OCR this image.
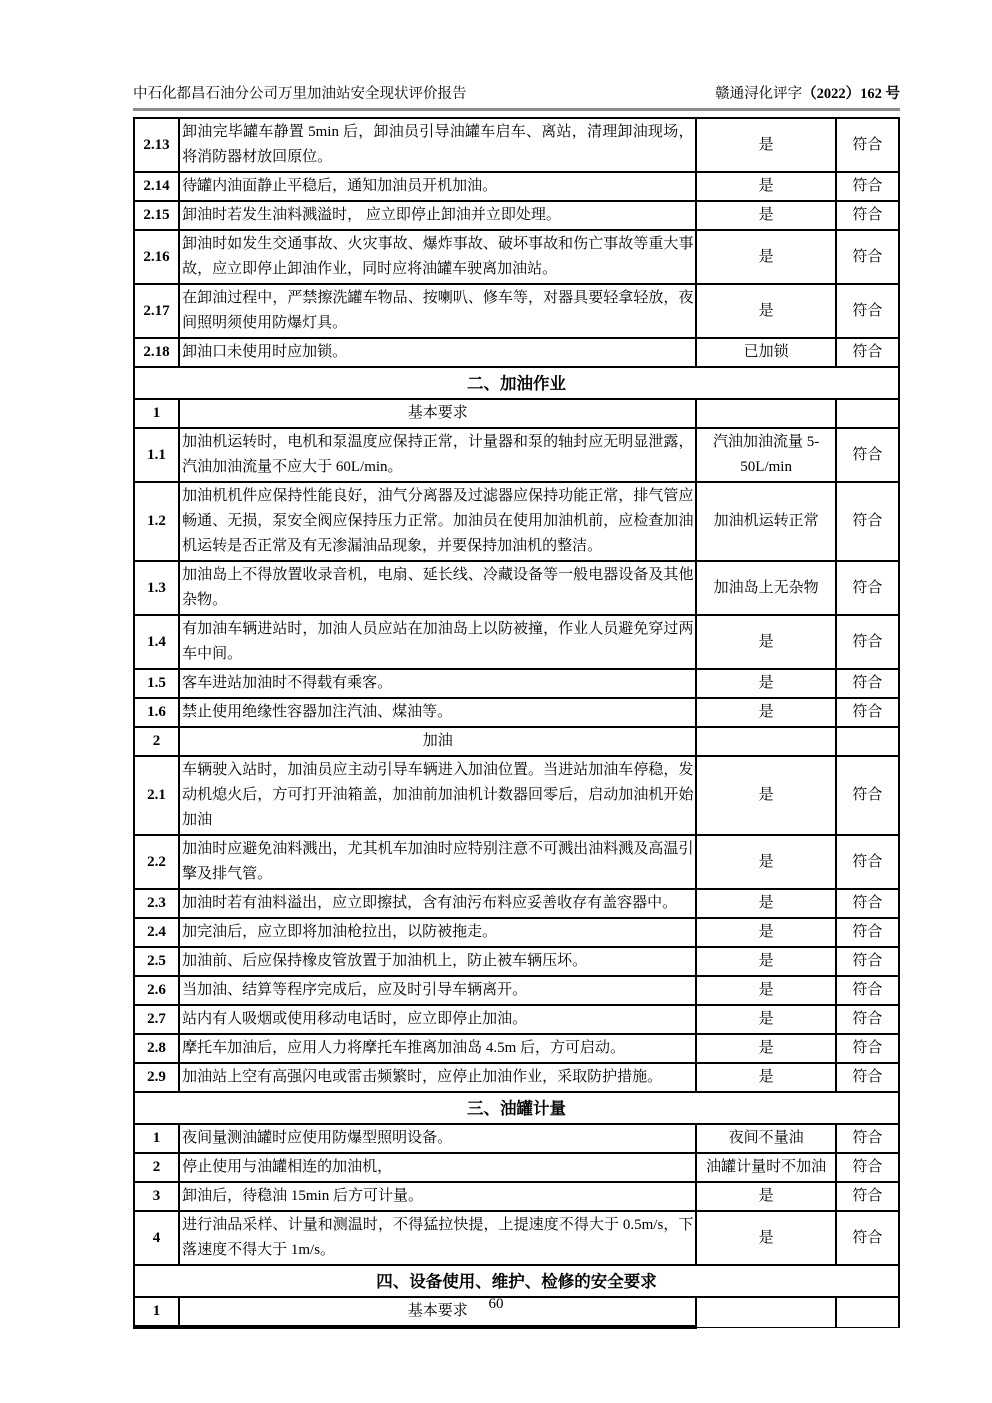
中石化都昌石油分公司万里加油站安全现状评价报告	赣通浔化评字（2022）162 号
2.13	卸油完毕罐车静置 5min 后，卸油员引导油罐车启车、离站，清理卸油现场，将消防器材放回原位。	是	符合
2.14	待罐内油面静止平稳后，通知加油员开机加油。	是	符合
2.15	卸油时若发生油料溅溢时， 应立即停止卸油并立即处理。	是	符合
2.16	卸油时如发生交通事故、火灾事故、爆炸事故、破坏事故和伤亡事故等重大事故，应立即停止卸油作业，同时应将油罐车驶离加油站。	是	符合
2.17	在卸油过程中，严禁擦洗罐车物品、按喇叭、修车等，对器具要轻拿轻放，夜间照明须使用防爆灯具。	是	符合
2.18	卸油口未使用时应加锁。	已加锁	符合
二、加油作业			
1	基本要求		
1.1	加油机运转时，电机和泵温度应保持正常，计量器和泵的轴封应无明显泄露，汽油加油流量不应大于 60L/min。	汽油加油流量 5-50L/min	符合
1.2	加油机机件应保持性能良好，油气分离器及过滤器应保持功能正常，排气管应畅通、无损，泵安全阀应保持压力正常。加油员在使用加油机前，应检查加油机运转是否正常及有无渗漏油品现象，并要保持加油机的整洁。	加油机运转正常	符合
1.3	加油岛上不得放置收录音机，电扇、延长线、冷藏设备等一般电器设备及其他杂物。	加油岛上无杂物	符合
1.4	有加油车辆进站时，加油人员应站在加油岛上以防被撞，作业人员避免穿过两车中间。	是	符合
1.5	客车进站加油时不得载有乘客。	是	符合
1.6	禁止使用绝缘性容器加注汽油、煤油等。	是	符合
2	加油		
2.1	车辆驶入站时，加油员应主动引导车辆进入加油位置。当进站加油车停稳，发动机熄火后，方可打开油箱盖，加油前加油机计数器回零后，启动加油机开始加油	是	符合
2.2	加油时应避免油料溅出，尤其机车加油时应特别注意不可溅出油料溅及高温引擎及排气管。	是	符合
2.3	加油时若有油料溢出，应立即擦拭，含有油污布料应妥善收存有盖容器中。	是	符合
2.4	加完油后，应立即将加油枪拉出，以防被拖走。	是	符合
2.5	加油前、后应保持橡皮管放置于加油机上，防止被车辆压坏。	是	符合
2.6	当加油、结算等程序完成后，应及时引导车辆离开。	是	符合
2.7	站内有人吸烟或使用移动电话时，应立即停止加油。	是	符合
2.8	摩托车加油后，应用人力将摩托车推离加油岛 4.5m 后，方可启动。	是	符合
2.9	加油站上空有高强闪电或雷击频繁时，应停止加油作业，采取防护措施。	是	符合
三、油罐计量			
1	夜间量测油罐时应使用防爆型照明设备。	夜间不量油	符合
2	停止使用与油罐相连的加油机，	油罐计量时不加油	符合
3	卸油后，待稳油 15min 后方可计量。	是	符合
4	进行油品采样、计量和测温时，不得猛拉快提，上提速度不得大于 0.5m/s，下落速度不得大于 1m/s。	是	符合
四、设备使用、维护、检修的安全要求			
1	基本要求			60
